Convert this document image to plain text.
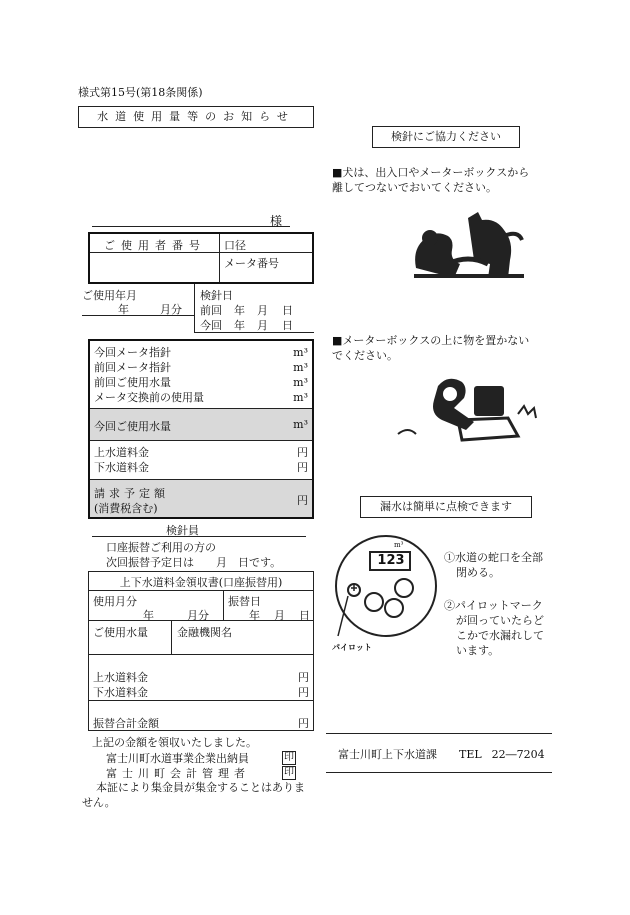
様式第15号(第18条関係)
水道使用量等のお知らせ
様
ご使用者番号 口径
メータ番号
ご使用年月
年	月分
検針日
前回 年 月 日
今回 年 月 日
今回メータ指針	m³
前回メータ指針	m³
前回ご使用水量	m³
メータ交換前の使用量	m³
今回ご使用水量	m³
上水道料金	円
下水道料金	円
請求予定額
(消費税含む)
円
検針員
口座振替ご利用の方の
次回振替予定日は　　月　日です。
上下水道料金領収書(口座振替用)
使用月分
年	月分
振替日
年 月 日
ご使用水量	金融機関名
上水道料金	円
下水道料金	円
振替合計金額	円
上記の金額を領収いたしました。
富士川町水道事業企業出納員	印
富士川町会計管理者	印
本証により集金員が集金することはありません。
検針にご協力ください
■犬は、出入口やメーターボックスから
離してつないでおいてください。
■メーターボックスの上に物を置かない
でください。
漏水は簡単に点検できます
123
m³
パイロット
①水道の蛇口を全部
閉める。
②パイロットマーク
が回っていたらど
こかで水漏れして
います。
富士川町上下水道課 TEL 22―7204
